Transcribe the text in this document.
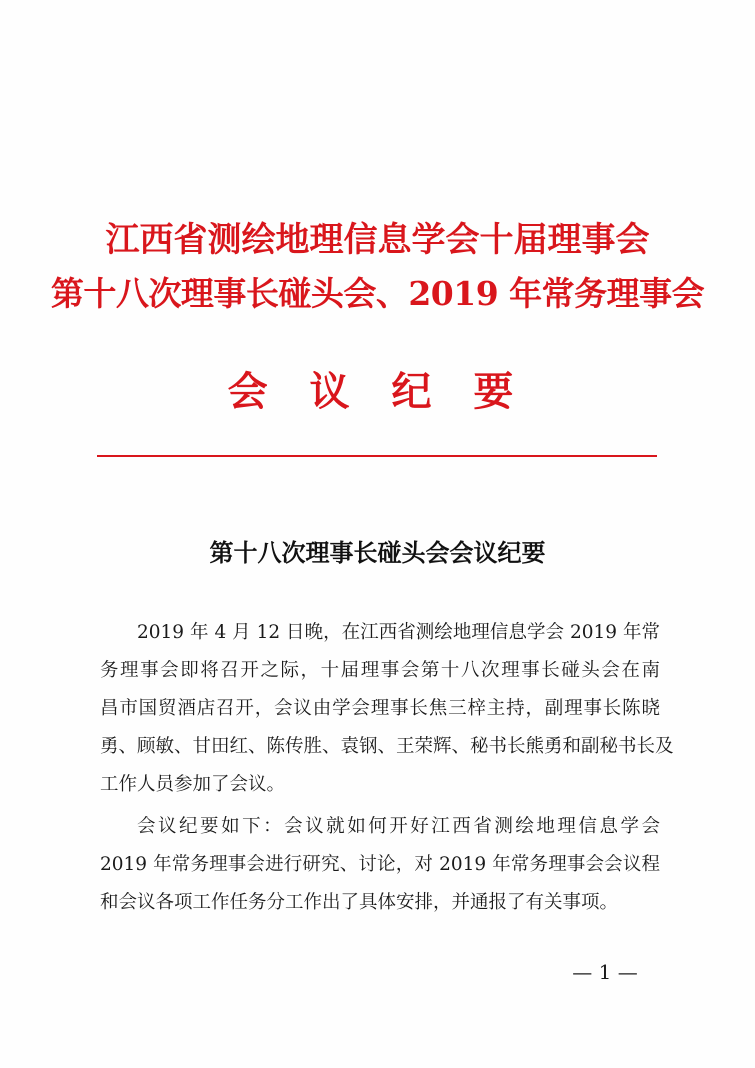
江西省测绘地理信息学会十届理事会
第十八次理事长碰头会、2019 年常务理事会
会 议 纪 要
第十八次理事长碰头会会议纪要
2019 年 4 月 12 日晚，在江西省测绘地理信息学会 2019 年常
务理事会即将召开之际，十届理事会第十八次理事长碰头会在南
昌市国贸酒店召开，会议由学会理事长焦三梓主持，副理事长陈晓
勇、顾敏、甘田红、陈传胜、袁钢、王荣辉、秘书长熊勇和副秘书长及
工作人员参加了会议。
会议纪要如下：会议就如何开好江西省测绘地理信息学会
2019 年常务理事会进行研究、讨论，对 2019 年常务理事会会议程
和会议各项工作任务分工作出了具体安排，并通报了有关事项。
— 1 —
